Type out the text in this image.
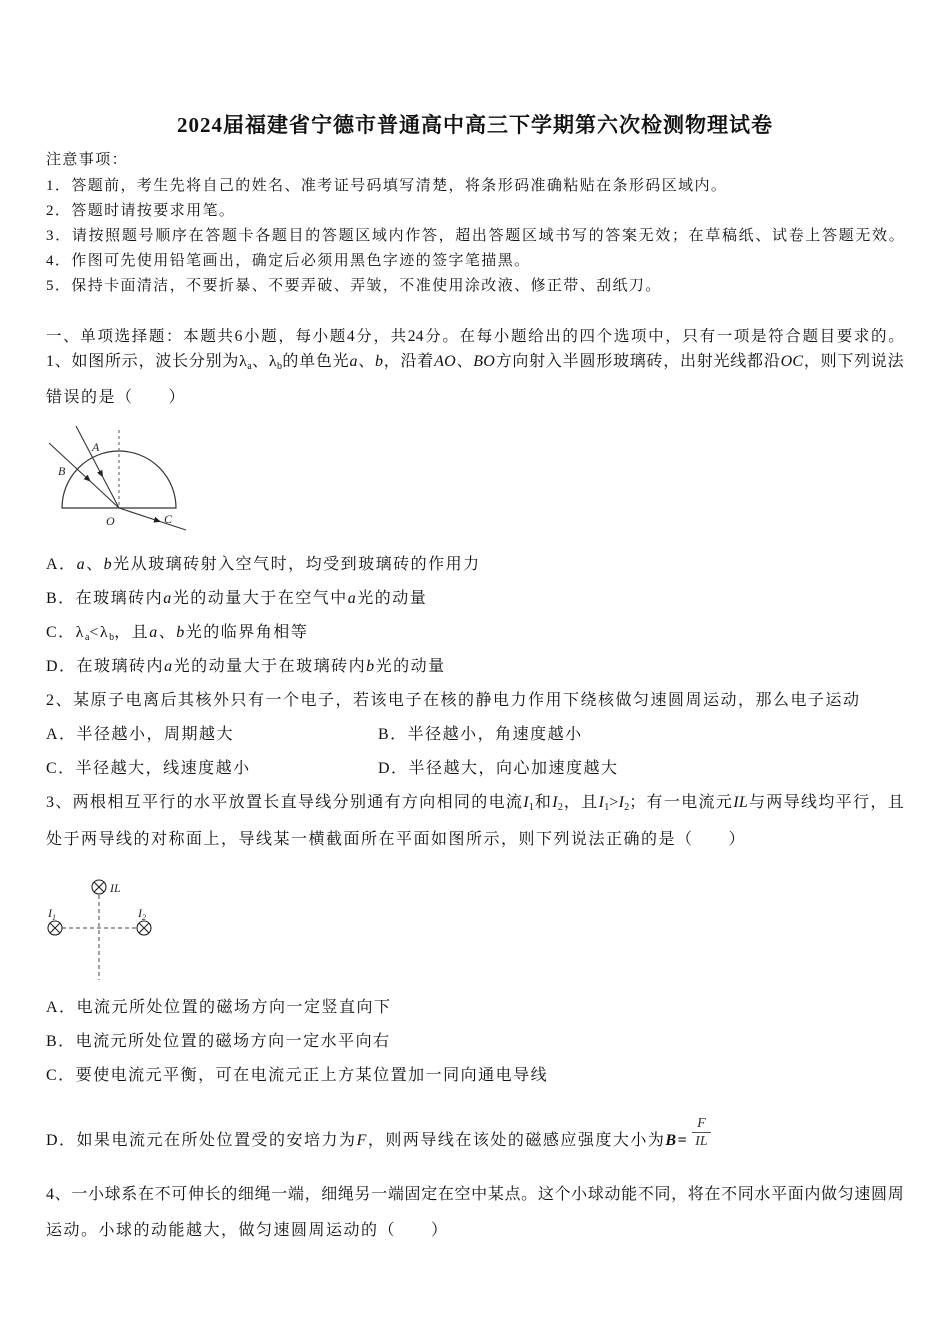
2024届福建省宁德市普通高中高三下学期第六次检测物理试卷
注意事项：
1．答题前，考生先将自己的姓名、准考证号码填写清楚，将条形码准确粘贴在条形码区域内。
2．答题时请按要求用笔。
3．请按照题号顺序在答题卡各题目的答题区域内作答，超出答题区域书写的答案无效；在草稿纸、试卷上答题无效。
4．作图可先使用铅笔画出，确定后必须用黑色字迹的签字笔描黑。
5．保持卡面清洁，不要折暴、不要弄破、弄皱，不准使用涂改液、修正带、刮纸刀。
一、单项选择题：本题共6小题，每小题4分，共24分。在每小题给出的四个选项中，只有一项是符合题目要求的。
1、如图所示，波长分别为$\lambda_a$、$\lambda_b$的单色光a、b，沿着AO、BO方向射入半圆形玻璃砖，出射光线都沿OC，则下列说法
错误的是（　　）
A
B
O	C
A．a、b光从玻璃砖射入空气时，均受到玻璃砖的作用力
B．在玻璃砖内a光的动量大于在空气中a光的动量
C．$\lambda_a<\lambda_b$，且a、b光的临界角相等
D．在玻璃砖内a光的动量大于在玻璃砖内b光的动量
2、某原子电离后其核外只有一个电子，若该电子在核的静电力作用下绕核做匀速圆周运动，那么电子运动
A．半径越小，周期越大	B．半径越小，角速度越小
C．半径越大，线速度越小	D．半径越大，向心加速度越大
3、两根相互平行的水平放置长直导线分别通有方向相同的电流$I_1$和$I_2$，且$I_1>I_2$；有一电流元IL与两导线均平行，且
处于两导线的对称面上，导线某一横截面所在平面如图所示，则下列说法正确的是（　　）
IL
$I_1$	$I_2$
A．电流元所处位置的磁场方向一定竖直向下
B．电流元所处位置的磁场方向一定水平向右
C．要使电流元平衡，可在电流元正上方某位置加一同向通电导线
D．如果电流元在所处位置受的安培力为F，则两导线在该处的磁感应强度大小为$B= \frac{F}{IL}$
4、一小球系在不可伸长的细绳一端，细绳另一端固定在空中某点。这个小球动能不同，将在不同水平面内做匀速圆周
运动。小球的动能越大，做匀速圆周运动的（　　）
